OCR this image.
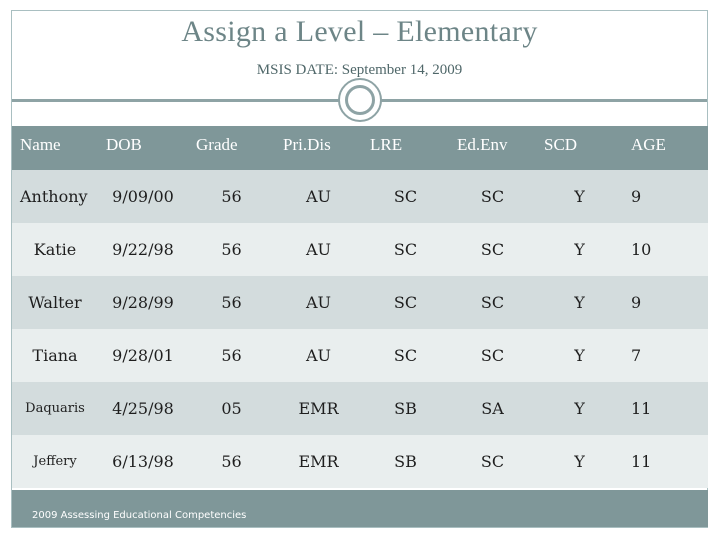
Assign a Level – Elementary
MSIS DATE: September 14, 2009
Name	DOB	Grade	Pri.Dis	LRE	Ed.Env	SCD	AGE
Anthony	9/09/00	56	AU	SC	SC	Y	9
Katie	9/22/98	56	AU	SC	SC	Y	10
Walter	9/28/99	56	AU	SC	SC	Y	9
Tiana	9/28/01	56	AU	SC	SC	Y	7
Daquaris	4/25/98	05	EMR	SB	SA	Y	11
Jeffery	6/13/98	56	EMR	SB	SC	Y	11
2009 Assessing Educational Competencies
